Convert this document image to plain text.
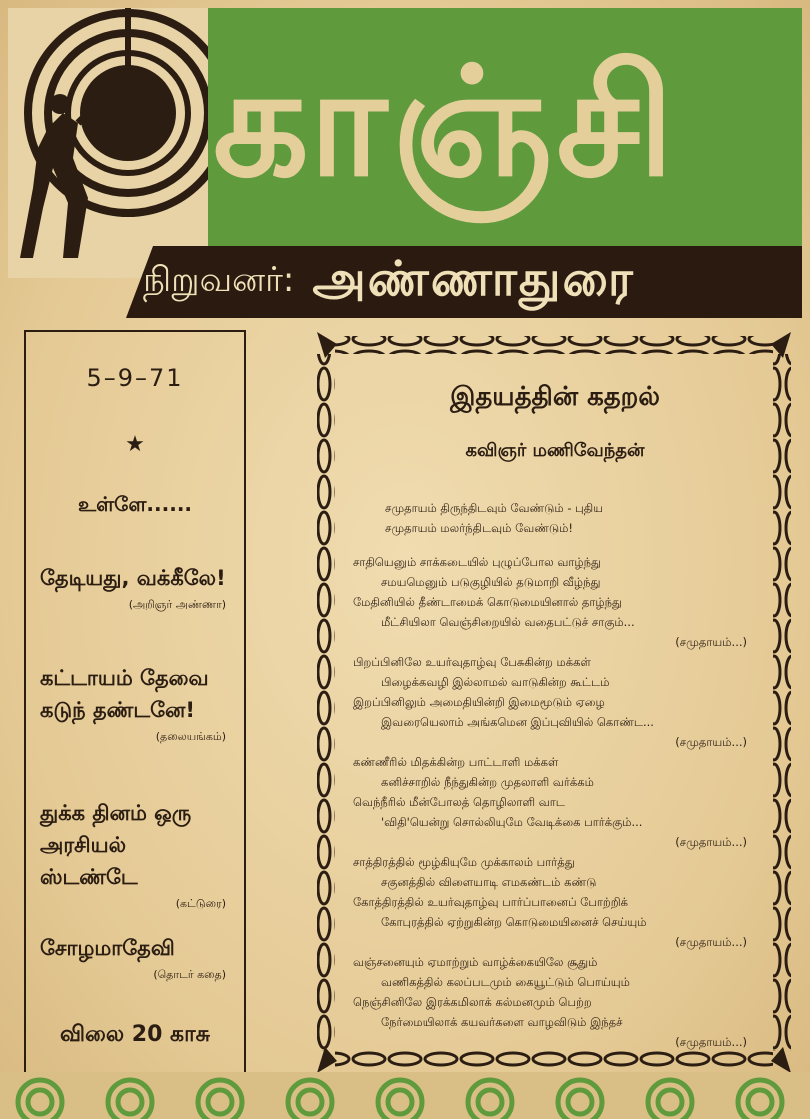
காஞ்சி
நிறுவனர்: அண்ணாதுரை
5–9–71
★
உள்ளே......
தேடியது, வக்கீலே!
(அறிஞர் அண்ணா)
கட்டாயம் தேவை கடுந் தண்டனே!
(தலையங்கம்)
துக்க தினம் ஒரு அரசியல் ஸ்டண்டே
(கட்டுரை)
சோழமாதேவி
(தொடர் கதை)
விலை 20 காசு
இதயத்தின் கதறல்
கவிஞர் மணிவேந்தன்
சமுதாயம் திருந்திடவும் வேண்டும் - புதிய
சமுதாயம் மலர்ந்திடவும் வேண்டும்!
சாதியெனும் சாக்கடையில் புழுப்போல வாழ்ந்து
சமயமெனும் படுகுழியில் தடுமாறி வீழ்ந்து
மேதினியில் தீண்டாமைக் கொடுமையினால் தாழ்ந்து
மீட்சியிலா வெஞ்சிறையில் வதைபட்டுச் சாகும்...
(சமுதாயம்...)
பிறப்பினிலே உயர்வுதாழ்வு பேசுகின்ற மக்கள்
பிழைக்கவழி இல்லாமல் வாடுகின்ற கூட்டம்
இறப்பினிலும் அமைதியின்றி இமைமூடும் ஏழை
இவரையெலாம் அங்கமென இப்புவியில் கொண்ட...
(சமுதாயம்...)
கண்ணீரில் மிதக்கின்ற பாட்டாளி மக்கள்
கனிச்சாறில் நீந்துகின்ற முதலாளி வர்க்கம்
வெந்நீரில் மீன்போலத் தொழிலாளி வாட
'விதி'யென்று சொல்லியுமே வேடிக்கை பார்க்கும்...
(சமுதாயம்...)
சாத்திரத்தில் மூழ்கியுமே முக்காலம் பார்த்து
சகுனத்தில் விளையாடி எமகண்டம் கண்டு
கோத்திரத்தில் உயர்வுதாழ்வு பார்ப்பானைப் போற்றிக்
கோபுரத்தில் ஏற்றுகின்ற கொடுமையினைச் செய்யும்
(சமுதாயம்...)
வஞ்சனையும் ஏமாற்றும் வாழ்க்கையிலே சூதும்
வணிகத்தில் கலப்படமும் கையூட்டும் பொய்யும்
நெஞ்சினிலே இரக்கமிலாக் கல்மனமும் பெற்ற
நேர்மையிலாக் கயவர்களை வாழவிடும் இந்தச்
(சமுதாயம்...)
